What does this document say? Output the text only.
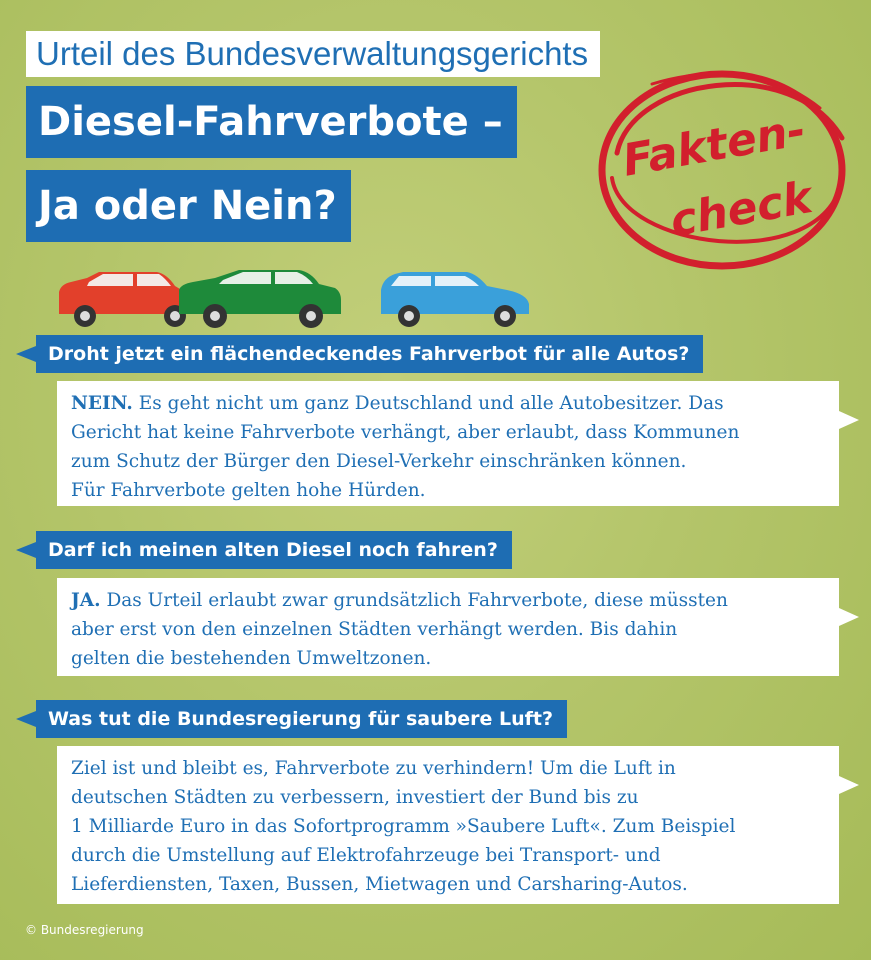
Urteil des Bundesverwaltungsgerichts
Diesel-Fahrverbote –
Ja oder Nein?
Fakten-
check
Droht jetzt ein flächendeckendes Fahrverbot für alle Autos?
NEIN. Es geht nicht um ganz Deutschland und alle Autobesitzer. Das
Gericht hat keine Fahrverbote verhängt, aber erlaubt, dass Kommunen
zum Schutz der Bürger den Diesel-Verkehr einschränken können.
Für Fahrverbote gelten hohe Hürden.
Darf ich meinen alten Diesel noch fahren?
JA. Das Urteil erlaubt zwar grundsätzlich Fahrverbote, diese müssten
aber erst von den einzelnen Städten verhängt werden. Bis dahin
gelten die bestehenden Umweltzonen.
Was tut die Bundesregierung für saubere Luft?
Ziel ist und bleibt es, Fahrverbote zu verhindern! Um die Luft in
deutschen Städten zu verbessern, investiert der Bund bis zu
1 Milliarde Euro in das Sofortprogramm »Saubere Luft«. Zum Beispiel
durch die Umstellung auf Elektrofahrzeuge bei Transport- und
Lieferdiensten, Taxen, Bussen, Mietwagen und Carsharing-Autos.
© Bundesregierung
